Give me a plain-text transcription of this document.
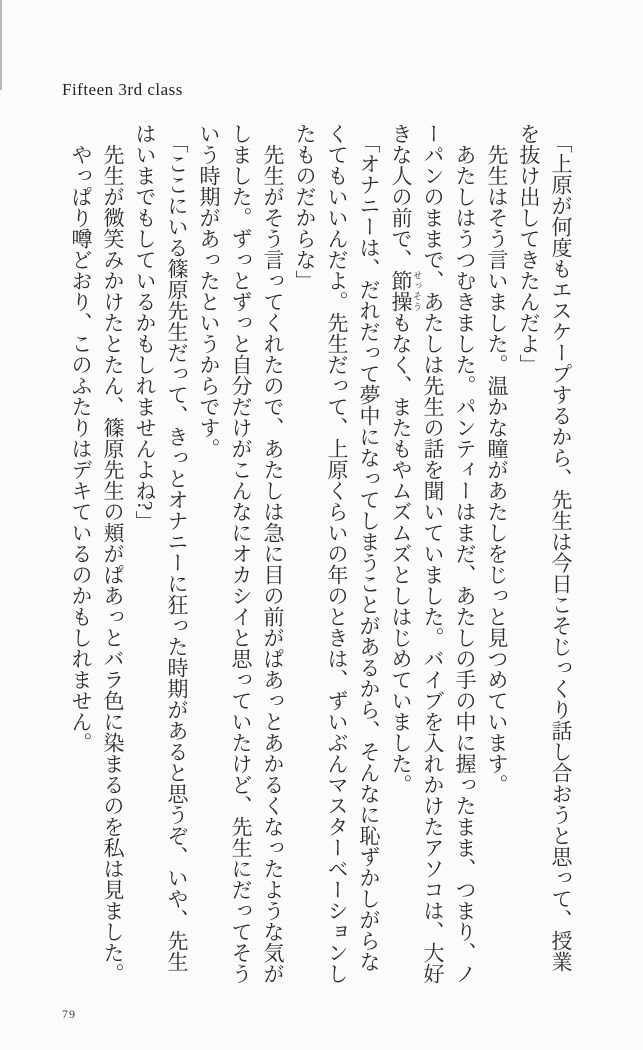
Fifteen 3rd class

「上原が何度もエスケープするから、先生は今日こそじっくり話し合おうと思って、授業を抜け出してきたんだよ」

先生はそう言いました。温かな瞳があたしをじっと見つめています。

あたしはうつむきました。パンティーはまだ、あたしの手の中に握ったまま、つまり、ノーパンのままで、あたしは先生の話を聞いていました。バイブを入れかけたアソコは、大好きな人の前で、節操 せっそうもなく、またもやムズムズとしはじめていました。

「オナニーは、だれだって夢中になってしまうことがあるから、そんなに恥ずかしがらなくてもいいんだよ。先生だって、上原くらいの年のときは、ずいぶんマスターベーションしたものだからな」

先生がそう言ってくれたので、あたしは急に目の前がぱあっとあかるくなったような気がしました。ずっとずっと自分だけがこんなにオカシイと思っていたけど、先生にだってそういう時期があったというからです。

「ここにいる篠原先生だって、きっとオナニーに狂った時期があると思うぞ、いや、先生はいまでもしているかもしれませんよね?」

先生が微笑みかけたとたん、篠原先生の頬がぱあっとバラ色に染まるのを私は見ました。

やっぱり噂どおり、このふたりはデキているのかもしれません。

79
